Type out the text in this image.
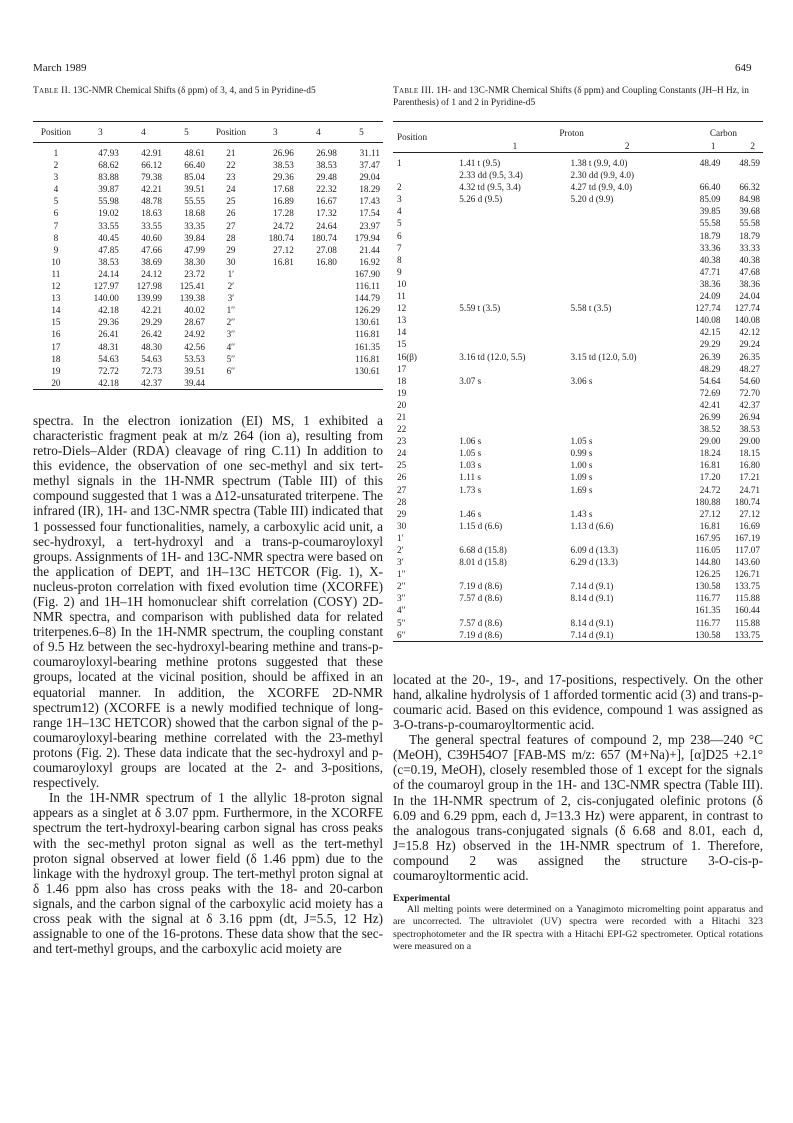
March 1989	649
Table II. 13C-NMR Chemical Shifts (δ ppm) of 3, 4, and 5 in Pyridine-d5
Position	3	4	5	Position	3	4	5
1	47.93	42.91	48.61	21	26.96	26.98	31.11
2	68.62	66.12	66.40	22	38.53	38.53	37.47
3	83.88	79.38	85.04	23	29.36	29.48	29.04
4	39.87	42.21	39.51	24	17.68	22.32	18.29
5	55.98	48.78	55.55	25	16.89	16.67	17.43
6	19.02	18.63	18.68	26	17.28	17.32	17.54
7	33.55	33.55	33.35	27	24.72	24.64	23.97
8	40.45	40.60	39.84	28	180.74	180.74	179.94
9	47.85	47.66	47.99	29	27.12	27.08	21.44
10	38.53	38.69	38.30	30	16.81	16.80	16.92
11	24.14	24.12	23.72	1′			167.90
12	127.97	127.98	125.41	2′			116.11
13	140.00	139.99	139.38	3′			144.79
14	42.18	42.21	40.02	1′′			126.29
15	29.36	29.29	28.67	2′′			130.61
16	26.41	26.42	24.92	3′′			116.81
17	48.31	48.30	42.56	4′′			161.35
18	54.63	54.63	53.53	5′′			116.81
19	72.72	72.73	39.51	6′′			130.61
20	42.18	42.37	39.44				

spectra. In the electron ionization (EI) MS, 1 exhibited a characteristic fragment peak at m/z 264 (ion a), resulting from retro-Diels–Alder (RDA) cleavage of ring C.11) In addition to this evidence, the observation of one sec-methyl and six tert-methyl signals in the 1H-NMR spectrum (Table III) of this compound suggested that 1 was a Δ12-unsaturated triterpene. The infrared (IR), 1H- and 13C-NMR spectra (Table III) indicated that 1 possessed four functionalities, namely, a carboxylic acid unit, a sec-hydroxyl, a tert-hydroxyl and a trans-p-coumaroyloxyl groups. Assignments of 1H- and 13C-NMR spectra were based on the application of DEPT, and 1H–13C HETCOR (Fig. 1), X-nucleus-proton correlation with fixed evolution time (XCORFE) (Fig. 2) and 1H–1H homonuclear shift correlation (COSY) 2D-NMR spectra, and comparison with published data for related triterpenes.6–8) In the 1H-NMR spectrum, the coupling constant of 9.5 Hz between the sec-hydroxyl-bearing methine and trans-p-coumaroyloxyl-bearing methine protons suggested that these groups, located at the vicinal position, should be affixed in an equatorial manner. In addition, the XCORFE 2D-NMR spectrum12) (XCORFE is a newly modified technique of long-range 1H–13C HETCOR) showed that the carbon signal of the p-coumaroyloxyl-bearing methine correlated with the 23-methyl protons (Fig. 2). These data indicate that the sec-hydroxyl and p-coumaroyloxyl groups are located at the 2- and 3-positions, respectively.

In the 1H-NMR spectrum of 1 the allylic 18-proton signal appears as a singlet at δ 3.07 ppm. Furthermore, in the XCORFE spectrum the tert-hydroxyl-bearing carbon signal has cross peaks with the sec-methyl proton signal as well as the tert-methyl proton signal observed at lower field (δ 1.46 ppm) due to the linkage with the hydroxyl group. The tert-methyl proton signal at δ 1.46 ppm also has cross peaks with the 18- and 20-carbon signals, and the carbon signal of the carboxylic acid moiety has a cross peak with the signal at δ 3.16 ppm (dt, J=5.5, 12 Hz) assignable to one of the 16-protons. These data show that the sec- and tert-methyl groups, and the carboxylic acid moiety are

Table III. 1H- and 13C-NMR Chemical Shifts (δ ppm) and Coupling Constants (JH–H Hz, in Parenthesis) of 1 and 2 in Pyridine-d5
Position	Proton		Carbon	
	1	2	1	2
1	1.41 t (9.5)	1.38 t (9.9, 4.0)	48.49	48.59
	2.33 dd (9.5, 3.4)	2.30 dd (9.9, 4.0)		
2	4.32 td (9.5, 3.4)	4.27 td (9.9, 4.0)	66.40	66.32
3	5.26 d (9.5)	5.20 d (9.9)	85.09	84.98
4			39.85	39.68
5			55.58	55.58
6			18.79	18.79
7			33.36	33.33
8			40.38	40.38
9			47.71	47.68
10			38.36	38.36
11			24.09	24.04
12	5.59 t (3.5)	5.58 t (3.5)	127.74	127.74
13			140.08	140.08
14			42.15	42.12
15			29.29	29.24
16(β)	3.16 td (12.0, 5.5)	3.15 td (12.0, 5.0)	26.39	26.35
17			48.29	48.27
18	3.07 s	3.06 s	54.64	54.60
19			72.69	72.70
20			42.41	42.37
21			26.99	26.94
22			38.52	38.53
23	1.06 s	1.05 s	29.00	29.00
24	1.05 s	0.99 s	18.24	18.15
25	1.03 s	1.00 s	16.81	16.80
26	1.11 s	1.09 s	17.20	17.21
27	1.73 s	1.69 s	24.72	24.71
28			180.88	180.74
29	1.46 s	1.43 s	27.12	27.12
30	1.15 d (6.6)	1.13 d (6.6)	16.81	16.69
1′			167.95	167.19
2′	6.68 d (15.8)	6.09 d (13.3)	116.05	117.07
3′	8.01 d (15.8)	6.29 d (13.3)	144.80	143.60
1′′			126.25	126.71
2′′	7.19 d (8.6)	7.14 d (9.1)	130.58	133.75
3′′	7.57 d (8.6)	8.14 d (9.1)	116.77	115.88
4′′			161.35	160.44
5′′	7.57 d (8.6)	8.14 d (9.1)	116.77	115.88
6′′	7.19 d (8.6)	7.14 d (9.1)	130.58	133.75

located at the 20-, 19-, and 17-positions, respectively. On the other hand, alkaline hydrolysis of 1 afforded tormentic acid (3) and trans-p-coumaric acid. Based on this evidence, compound 1 was assigned as 3-O-trans-p-coumaroyltormentic acid.

The general spectral features of compound 2, mp 238—240 °C (MeOH), C39H54O7 [FAB-MS m/z: 657 (M+Na)+], [α]D25 +2.1° (c=0.19, MeOH), closely resembled those of 1 except for the signals of the coumaroyl group in the 1H- and 13C-NMR spectra (Table III). In the 1H-NMR spectrum of 2, cis-conjugated olefinic protons (δ 6.09 and 6.29 ppm, each d, J=13.3 Hz) were apparent, in contrast to the analogous trans-conjugated signals (δ 6.68 and 8.01, each d, J=15.8 Hz) observed in the 1H-NMR spectrum of 1. Therefore, compound 2 was assigned the structure 3-O-cis-p-coumaroyltormentic acid.

Experimental
All melting points were determined on a Yanagimoto micromelting point apparatus and are uncorrected. The ultraviolet (UV) spectra were recorded with a Hitachi 323 spectrophotometer and the IR spectra with a Hitachi EPI-G2 spectrometer. Optical rotations were measured on a
